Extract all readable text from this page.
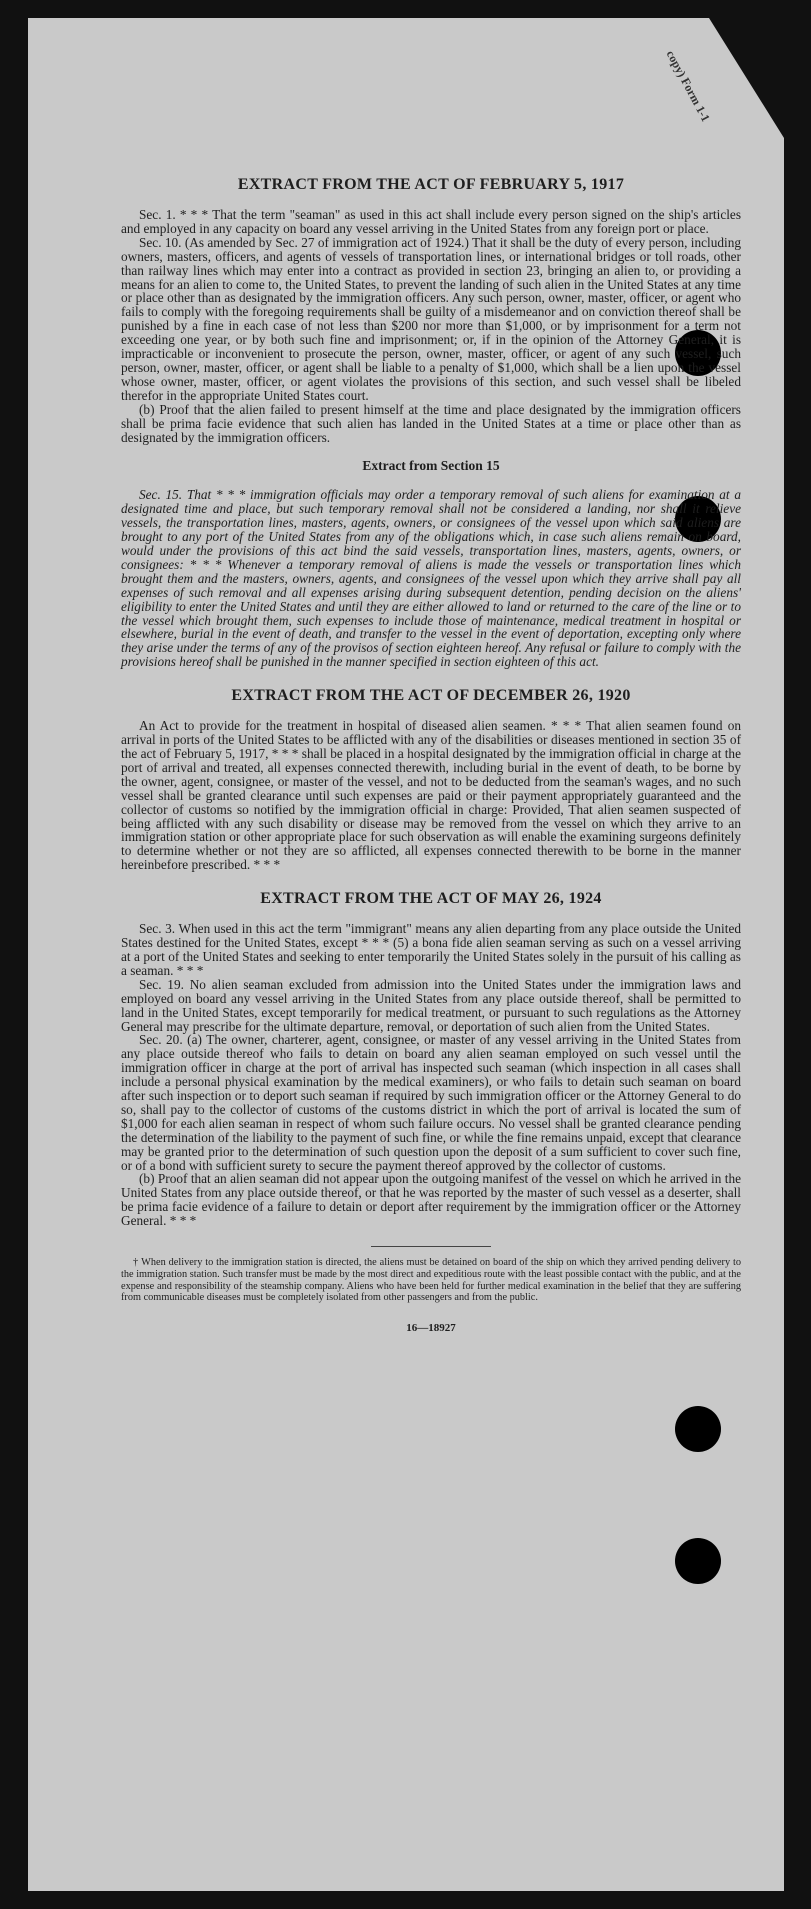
copy) Form 1-1
EXTRACT FROM THE ACT OF FEBRUARY 5, 1917

Sec. 1. * * * That the term "seaman" as used in this act shall include every person signed on the ship's articles and employed in any capacity on board any vessel arriving in the United States from any foreign port or place.

Sec. 10. (As amended by Sec. 27 of immigration act of 1924.) That it shall be the duty of every person, including owners, masters, officers, and agents of vessels of transportation lines, or international bridges or toll roads, other than railway lines which may enter into a contract as provided in section 23, bringing an alien to, or providing a means for an alien to come to, the United States, to prevent the landing of such alien in the United States at any time or place other than as designated by the immigration officers. Any such person, owner, master, officer, or agent who fails to comply with the foregoing requirements shall be guilty of a misdemeanor and on conviction thereof shall be punished by a fine in each case of not less than $200 nor more than $1,000, or by imprisonment for a term not exceeding one year, or by both such fine and imprisonment; or, if in the opinion of the Attorney General, it is impracticable or inconvenient to prosecute the person, owner, master, officer, or agent of any such vessel, such person, owner, master, officer, or agent shall be liable to a penalty of $1,000, which shall be a lien upon the vessel whose owner, master, officer, or agent violates the provisions of this section, and such vessel shall be libeled therefor in the appropriate United States court.

(b) Proof that the alien failed to present himself at the time and place designated by the immigration officers shall be prima facie evidence that such alien has landed in the United States at a time or place other than as designated by the immigration officers.

Extract from Section 15

Sec. 15. That * * * immigration officials may order a temporary removal of such aliens for examination at a designated time and place, but such temporary removal shall not be considered a landing, nor shall it relieve vessels, the transportation lines, masters, agents, owners, or consignees of the vessel upon which said aliens are brought to any port of the United States from any of the obligations which, in case such aliens remain on board, would under the provisions of this act bind the said vessels, transportation lines, masters, agents, owners, or consignees: * * * Whenever a temporary removal of aliens is made the vessels or transportation lines which brought them and the masters, owners, agents, and consignees of the vessel upon which they arrive shall pay all expenses of such removal and all expenses arising during subsequent detention, pending decision on the aliens' eligibility to enter the United States and until they are either allowed to land or returned to the care of the line or to the vessel which brought them, such expenses to include those of maintenance, medical treatment in hospital or elsewhere, burial in the event of death, and transfer to the vessel in the event of deportation, excepting only where they arise under the terms of any of the provisos of section eighteen hereof. Any refusal or failure to comply with the provisions hereof shall be punished in the manner specified in section eighteen of this act.

EXTRACT FROM THE ACT OF DECEMBER 26, 1920

An Act to provide for the treatment in hospital of diseased alien seamen. * * * That alien seamen found on arrival in ports of the United States to be afflicted with any of the disabilities or diseases mentioned in section 35 of the act of February 5, 1917, * * * shall be placed in a hospital designated by the immigration official in charge at the port of arrival and treated, all expenses connected therewith, including burial in the event of death, to be borne by the owner, agent, consignee, or master of the vessel, and not to be deducted from the seaman's wages, and no such vessel shall be granted clearance until such expenses are paid or their payment appropriately guaranteed and the collector of customs so notified by the immigration official in charge: Provided, That alien seamen suspected of being afflicted with any such disability or disease may be removed from the vessel on which they arrive to an immigration station or other appropriate place for such observation as will enable the examining surgeons definitely to determine whether or not they are so afflicted, all expenses connected therewith to be borne in the manner hereinbefore prescribed. * * *

EXTRACT FROM THE ACT OF MAY 26, 1924

Sec. 3. When used in this act the term "immigrant" means any alien departing from any place outside the United States destined for the United States, except * * * (5) a bona fide alien seaman serving as such on a vessel arriving at a port of the United States and seeking to enter temporarily the United States solely in the pursuit of his calling as a seaman. * * *

Sec. 19. No alien seaman excluded from admission into the United States under the immigration laws and employed on board any vessel arriving in the United States from any place outside thereof, shall be permitted to land in the United States, except temporarily for medical treatment, or pursuant to such regulations as the Attorney General may prescribe for the ultimate departure, removal, or deportation of such alien from the United States.

Sec. 20. (a) The owner, charterer, agent, consignee, or master of any vessel arriving in the United States from any place outside thereof who fails to detain on board any alien seaman employed on such vessel until the immigration officer in charge at the port of arrival has inspected such seaman (which inspection in all cases shall include a personal physical examination by the medical examiners), or who fails to detain such seaman on board after such inspection or to deport such seaman if required by such immigration officer or the Attorney General to do so, shall pay to the collector of customs of the customs district in which the port of arrival is located the sum of $1,000 for each alien seaman in respect of whom such failure occurs. No vessel shall be granted clearance pending the determination of the liability to the payment of such fine, or while the fine remains unpaid, except that clearance may be granted prior to the determination of such question upon the deposit of a sum sufficient to cover such fine, or of a bond with sufficient surety to secure the payment thereof approved by the collector of customs.

(b) Proof that an alien seaman did not appear upon the outgoing manifest of the vessel on which he arrived in the United States from any place outside thereof, or that he was reported by the master of such vessel as a deserter, shall be prima facie evidence of a failure to detain or deport after requirement by the immigration officer or the Attorney General. * * *

† When delivery to the immigration station is directed, the aliens must be detained on board of the ship on which they arrived pending delivery to the immigration station. Such transfer must be made by the most direct and expeditious route with the least possible contact with the public, and at the expense and responsibility of the steamship company. Aliens who have been held for further medical examination in the belief that they are suffering from communicable diseases must be completely isolated from other passengers and from the public.

16—18927
